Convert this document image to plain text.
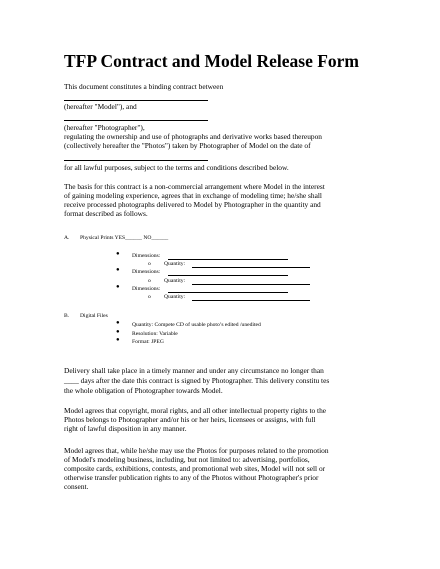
TFP Contract and Model Release Form
This document constitutes a binding contract between
(hereafter "Model"), and
(hereafter "Photographer"),
regulating the ownership and use of photographs and derivative works based thereupon
(collectively hereafter the "Photos") taken by Photographer of Model on the date of
for all lawful purposes, subject to the terms and conditions described below.
The basis for this contract is a non-commercial arrangement where Model in the interest
of gaining modeling experience, agrees that in exchange of modeling time; he/she shall
receive processed photographs delivered to Model by Photographer in the quantity and
format described as follows.
A. Physical Prints YES______ NO______
● Dimensions:
o Quantity:
● Dimensions:
o Quantity:
● Dimensions:
o Quantity:
B. Digital Files
● Quantity: Compete CD of usable photo’s edited /unedited
● Resolution: Variable
● Format: JPEG
Delivery shall take place in a timely manner and under any circumstance no longer than
____ days after the date this contract is signed by Photographer. This delivery constitu tes
the whole obligation of Photographer towards Model.
Model agrees that copyright, moral rights, and all other intellectual property rights to the
Photos belongs to Photographer and/or his or her heirs, licensees or assigns, with full
right of lawful disposition in any manner.
Model agrees that, while he/she may use the Photos for purposes related to the promotion
of Model's modeling business, including, but not limited to: advertising, portfolios,
composite cards, exhibitions, contests, and promotional web sites, Model will not sell or
otherwise transfer publication rights to any of the Photos without Photographer's prior
consent.
